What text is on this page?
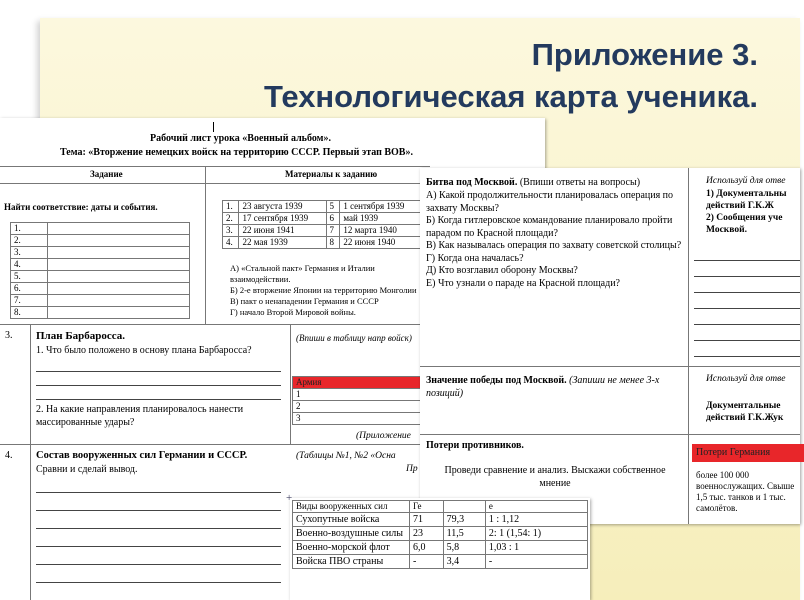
Приложение 3.
Технологическая карта ученика.
Рабочий лист урока «Военный альбом».
Тема: «Вторжение немецких войск на территорию СССР. Первый этап ВОВ».
Задание	Материалы к заданию
Найти соответствие: даты и события.
1.	
2.	
3.	
4.	
5.	
6.	
7.	
8.	
1.	23 августа 1939	5	1 сентября 1939
2.	17 сентября 1939	6	май 1939
3.	22 июня 1941	7	12 марта 1940
4.	22 мая 1939	8	22 июня 1940
А) «Стальной пакт» Германия и Италии взаимодействии.
Б) 2-е вторжение Японии на территорию Монголии
В) пакт о ненападении Германия и СССР
Г) начало Второй Мировой войны.
3. План Барбаросса.
1. Что было положено в основу плана Барбаросса?
2. На какие направления планировалось нанести массированные удары?
(Впиши в таблицу напр войск)
Армия
1
2
3
(Приложение
4. Состав вооруженных сил Германии и СССР.
Сравни и сделай вывод.
(Таблицы №1, №2 «Осна
Пр
Битва под Москвой. (Впиши ответы на вопросы)
А) Какой продолжительности планировалась операция по захвату Москвы?
Б) Когда гитлеровское командование планировало пройти парадом по Красной площади?
В) Как называлась операция по захвату советской столицы?
Г) Когда она началась?
Д) Кто возглавил оборону Москвы?
Е) Что узнали о параде на Красной площади?
Используй для отве
1) Документальны действий Г.К.Ж
2) Сообщения уче Москвой.
Значение победы под Москвой. (Запиши не менее 3-х позиций)
Используй для отве
Документальные действий Г.К.Жук
Потери противников.
Проведи сравнение и анализ. Выскажи собственное мнение
Потери Германия
более 100 000 военнослужащих. Свыше 1,5 тыс. танков и 1 тыс. самолётов.
+
Виды вооруженных сил	Ге		е
Сухопутные войска	71	79,3	1 : 1,12
Военно-воздушные силы	23	11,5	2: 1 (1,54: 1)
Военно-морской флот	6,0	5,8	1,03 : 1
Войска ПВО страны	-	3,4	-
